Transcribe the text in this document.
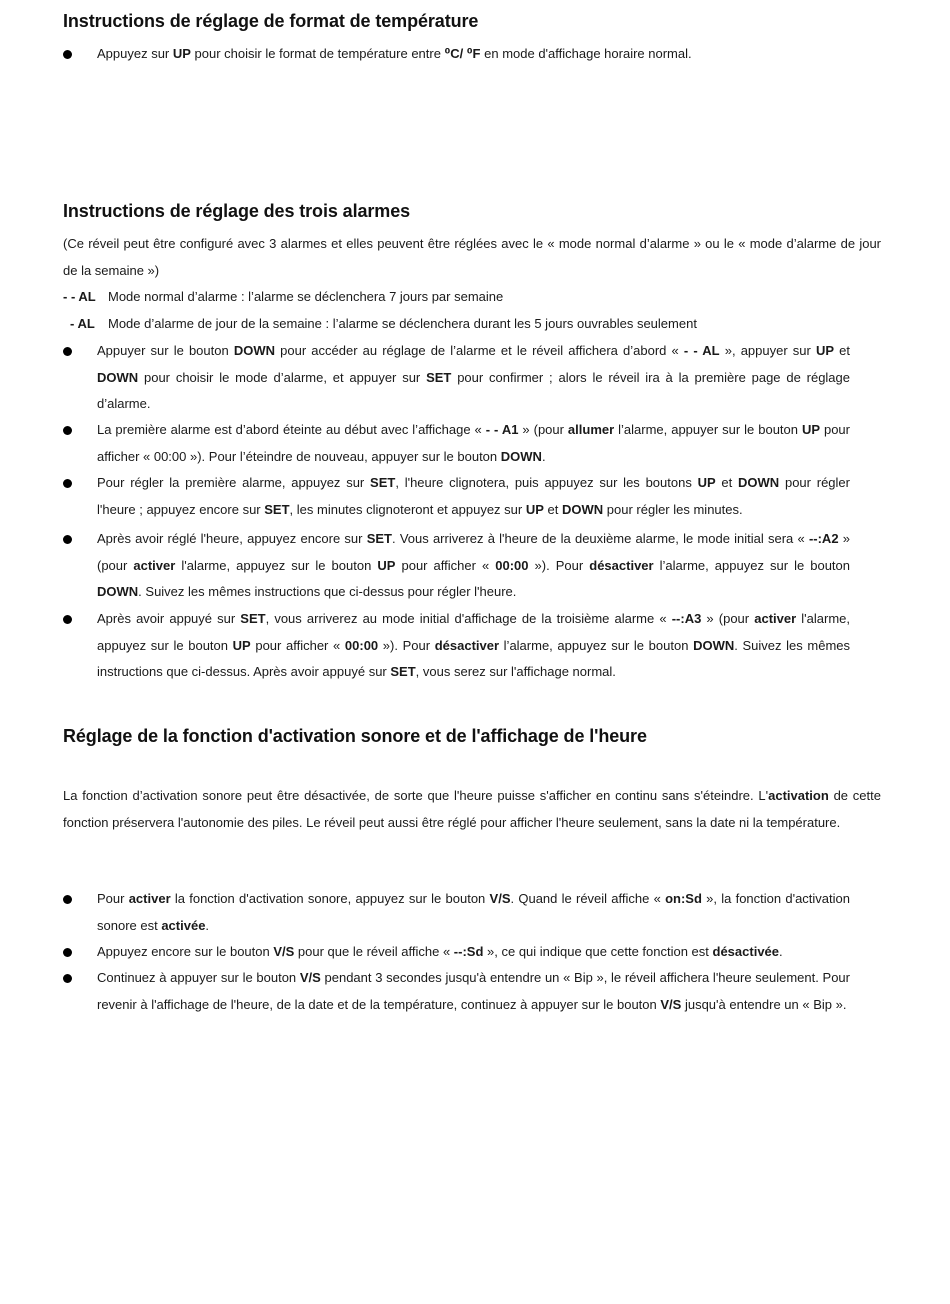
Instructions de réglage de format de température

Appuyez sur UP pour choisir le format de température entre ⁰C/ ⁰F en mode d'affichage horaire normal.

Instructions de réglage des trois alarmes

(Ce réveil peut être configuré avec 3 alarmes et elles peuvent être réglées avec le « mode normal d’alarme » ou le « mode d’alarme de jour de la semaine »)

- - AL Mode normal d’alarme : l’alarme se déclenchera 7 jours par semaine

- AL Mode d’alarme de jour de la semaine : l’alarme se déclenchera durant les 5 jours ouvrables seulement

Appuyer sur le bouton DOWN pour accéder au réglage de l’alarme et le réveil affichera d’abord « - - AL », appuyer sur UP et DOWN pour choisir le mode d’alarme, et appuyer sur SET pour confirmer ; alors le réveil ira à la première page de réglage d’alarme.

La première alarme est d’abord éteinte au début avec l’affichage « - - A1 » (pour allumer l’alarme, appuyer sur le bouton UP pour afficher « 00:00 »). Pour l’éteindre de nouveau, appuyer sur le bouton DOWN.

Pour régler la première alarme, appuyez sur SET, l'heure clignotera, puis appuyez sur les boutons UP et DOWN pour régler l'heure ; appuyez encore sur SET, les minutes clignoteront et appuyez sur UP et DOWN pour régler les minutes.

Après avoir réglé l'heure, appuyez encore sur SET. Vous arriverez à l'heure de la deuxième alarme, le mode initial sera « --:A2 » (pour activer l'alarme, appuyez sur le bouton UP pour afficher « 00:00 »). Pour désactiver l’alarme, appuyez sur le bouton DOWN. Suivez les mêmes instructions que ci-dessus pour régler l'heure.

Après avoir appuyé sur SET, vous arriverez au mode initial d'affichage de la troisième alarme « --:A3 » (pour activer l'alarme, appuyez sur le bouton UP pour afficher « 00:00 »). Pour désactiver l’alarme, appuyez sur le bouton DOWN. Suivez les mêmes instructions que ci-dessus. Après avoir appuyé sur SET, vous serez sur l'affichage normal.

Réglage de la fonction d'activation sonore et de l'affichage de l'heure

La fonction d’activation sonore peut être désactivée, de sorte que l'heure puisse s'afficher en continu sans s'éteindre. L'activation de cette fonction préservera l'autonomie des piles. Le réveil peut aussi être réglé pour afficher l'heure seulement, sans la date ni la température.

Pour activer la fonction d'activation sonore, appuyez sur le bouton V/S. Quand le réveil affiche « on:Sd », la fonction d'activation sonore est activée.

Appuyez encore sur le bouton V/S pour que le réveil affiche « --:Sd », ce qui indique que cette fonction est désactivée.

Continuez à appuyer sur le bouton V/S pendant 3 secondes jusqu'à entendre un « Bip », le réveil affichera l'heure seulement. Pour revenir à l'affichage de l'heure, de la date et de la température, continuez à appuyer sur le bouton V/S jusqu'à entendre un « Bip ».
